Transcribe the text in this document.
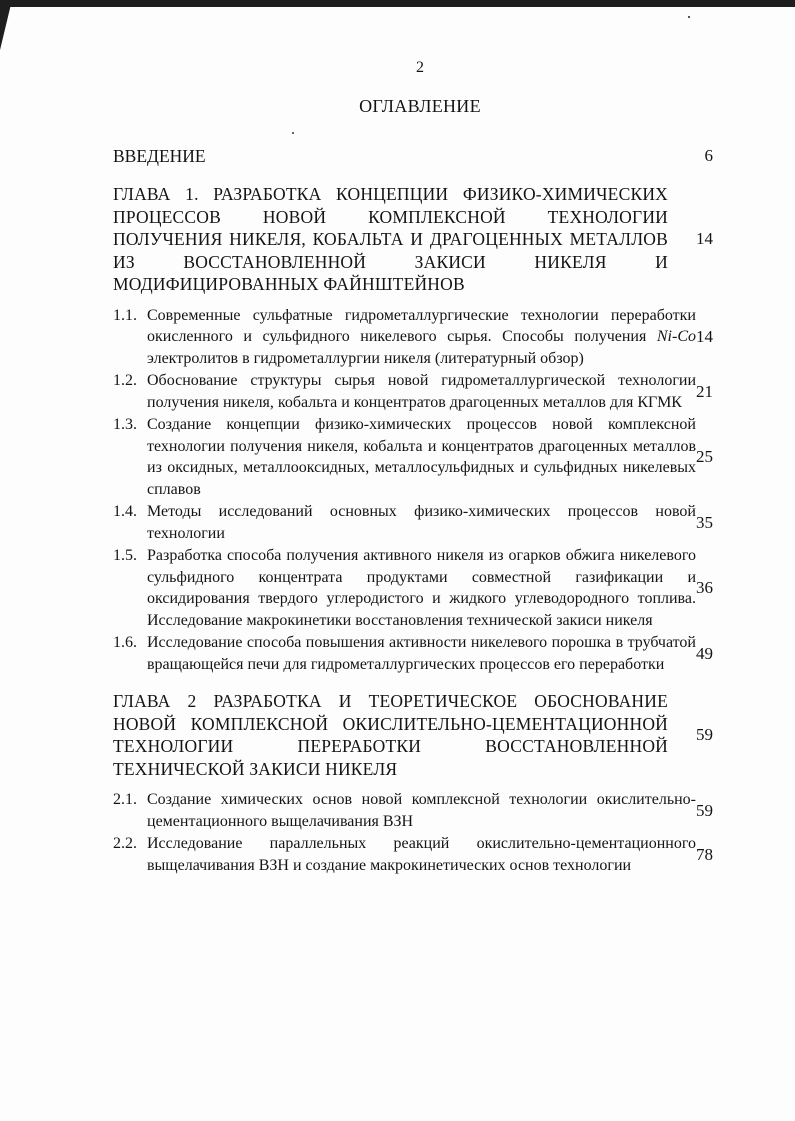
2
ОГЛАВЛЕНИЕ
ВВЕДЕНИЕ	6
ГЛАВА 1. РАЗРАБОТКА КОНЦЕПЦИИ ФИЗИКО-ХИМИЧЕСКИХ ПРОЦЕССОВ НОВОЙ КОМПЛЕКСНОЙ ТЕХНОЛОГИИ ПОЛУЧЕНИЯ НИКЕЛЯ, КОБАЛЬТА И ДРАГОЦЕННЫХ МЕТАЛЛОВ ИЗ ВОССТАНОВЛЕННОЙ ЗАКИСИ НИКЕЛЯ И МОДИФИЦИРОВАННЫХ ФАЙНШТЕЙНОВ
14
1.1. Современные сульфатные гидрометаллургические технологии переработки окисленного и сульфидного никелевого сырья. Способы получения Ni-Co электролитов в гидрометаллургии никеля (литературный обзор)
14
1.2. Обоснование структуры сырья новой гидрометаллургической технологии получения никеля, кобальта и концентратов драгоценных металлов для КГМК
21
1.3. Создание концепции физико-химических процессов новой комплексной технологии получения никеля, кобальта и концентратов драгоценных металлов из оксидных, металлооксидных, металлосульфидных и сульфидных никелевых сплавов
25
1.4. Методы исследований основных физико-химических процессов новой технологии
35
1.5. Разработка способа получения активного никеля из огарков обжига никелевого сульфидного концентрата продуктами совместной газификации и оксидирования твердого углеродистого и жидкого углеводородного топлива. Исследование макрокинетики восстановления технической закиси никеля
36
1.6. Исследование способа повышения активности никелевого порошка в трубчатой вращающейся печи для гидрометаллургических процессов его переработки
49
ГЛАВА 2 РАЗРАБОТКА И ТЕОРЕТИЧЕСКОЕ ОБОСНОВАНИЕ НОВОЙ КОМПЛЕКСНОЙ ОКИСЛИТЕЛЬНО-ЦЕМЕНТАЦИОННОЙ ТЕХНОЛОГИИ ПЕРЕРАБОТКИ ВОССТАНОВЛЕННОЙ ТЕХНИЧЕСКОЙ ЗАКИСИ НИКЕЛЯ
59
2.1. Создание химических основ новой комплексной технологии окислительно-цементационного выщелачивания ВЗН
59
2.2. Исследование параллельных реакций окислительно-цементационного выщелачивания ВЗН и создание макрокинетических основ технологии
78
